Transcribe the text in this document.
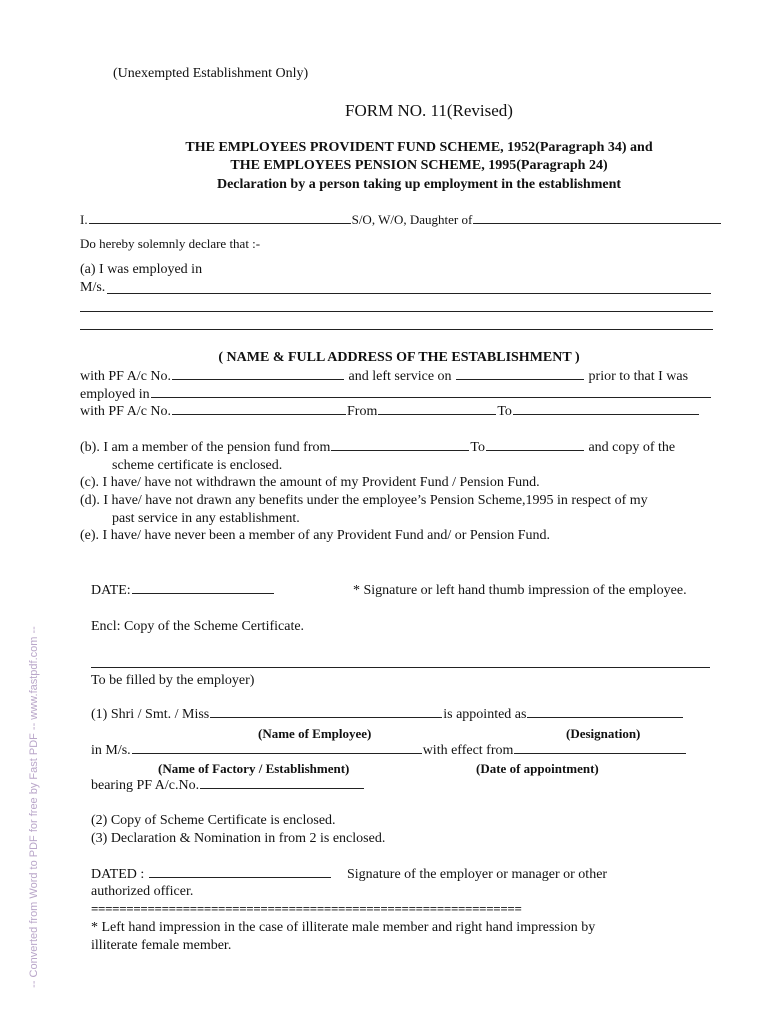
(Unexempted Establishment Only)
FORM NO. 11(Revised)
THE EMPLOYEES PROVIDENT FUND SCHEME, 1952(Paragraph 34) and
THE EMPLOYEES PENSION SCHEME, 1995(Paragraph 24)
Declaration by a person taking up employment in the establishment
I.	S/O, W/O, Daughter of
Do hereby solemnly declare that :-
(a) I was employed in
M/s.
( NAME & FULL ADDRESS OF THE ESTABLISHMENT )
with PF A/c No.	and left service on	prior to that I was
employed in
with PF A/c No.	From	To
(b). I am a member of the pension fund from	To	and copy of the
scheme certificate is enclosed.
(c). I have/ have not withdrawn the amount of my Provident Fund / Pension Fund.
(d). I have/ have not drawn any benefits under the employee’s Pension Scheme,1995 in respect of my
past service in any establishment.
(e). I have/ have never been a member of any Provident Fund and/ or Pension Fund.
DATE:	* Signature or left hand thumb impression of the employee.
Encl: Copy of the Scheme Certificate.
To be filled by the employer)
(1) Shri / Smt. / Miss	is appointed as
(Name of Employee)	(Designation)
in M/s.	with effect from
(Name of Factory / Establishment)	(Date of appointment)
bearing PF A/c.No.
(2) Copy of Scheme Certificate is enclosed.
(3) Declaration & Nomination in from 2 is enclosed.
DATED :	Signature of the employer or manager or other
authorized officer.
=============================================================
* Left hand impression in the case of illiterate male member and right hand impression by
illiterate female member.
-- Converted from Word to PDF for free by Fast PDF -- www.fastpdf.com --
